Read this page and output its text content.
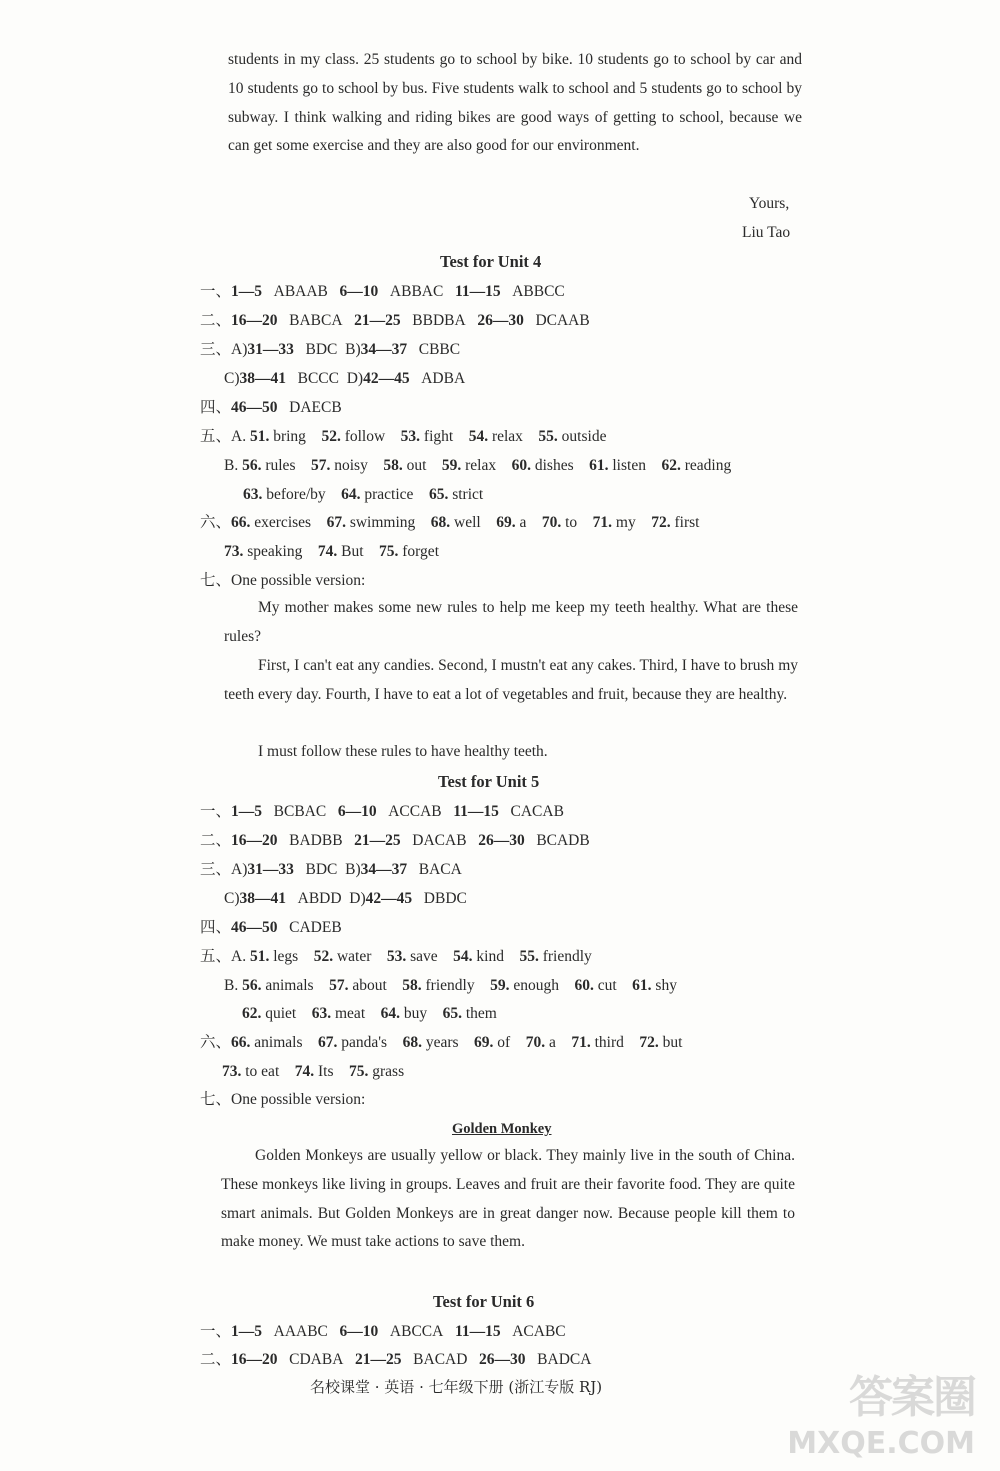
students in my class. 25 students go to school by bike. 10 students go to school by car and 10 students go to school by bus. Five students walk to school and 5 students go to school by subway. I think walking and riding bikes are good ways of getting to school, because we can get some exercise and they are also good for our environment.
Yours,
Liu Tao
Test for Unit 4
一、1—5 ABAAB 6—10 ABBAC 11—15 ABBCC
二、16—20 BABCA 21—25 BBDBA 26—30 DCAAB
三、A)31—33 BDC B)34—37 CBBC
C)38—41 BCCC D)42—45 ADBA
四、46—50 DAECB
五、A. 51. bring 52. follow 53. fight 54. relax 55. outside
B. 56. rules 57. noisy 58. out 59. relax 60. dishes 61. listen 62. reading
63. before/by 64. practice 65. strict
六、66. exercises 67. swimming 68. well 69. a 70. to 71. my 72. first
73. speaking 74. But 75. forget
七、One possible version:
My mother makes some new rules to help me keep my teeth healthy. What are these rules?
First, I can't eat any candies. Second, I mustn't eat any cakes. Third, I have to brush my teeth every day. Fourth, I have to eat a lot of vegetables and fruit, because they are healthy.
I must follow these rules to have healthy teeth.
Test for Unit 5
一、1—5 BCBAC 6—10 ACCAB 11—15 CACAB
二、16—20 BADBB 21—25 DACAB 26—30 BCADB
三、A)31—33 BDC B)34—37 BACA
C)38—41 ABDD D)42—45 DBDC
四、46—50 CADEB
五、A. 51. legs 52. water 53. save 54. kind 55. friendly
B. 56. animals 57. about 58. friendly 59. enough 60. cut 61. shy
62. quiet 63. meat 64. buy 65. them
六、66. animals 67. panda's 68. years 69. of 70. a 71. third 72. but
73. to eat 74. Its 75. grass
七、One possible version:
Golden Monkey
Golden Monkeys are usually yellow or black. They mainly live in the south of China. These monkeys like living in groups. Leaves and fruit are their favorite food. They are quite smart animals. But Golden Monkeys are in great danger now. Because people kill them to make money. We must take actions to save them.
Test for Unit 6
一、1—5 AAABC 6—10 ABCCA 11—15 ACABC
二、16—20 CDABA 21—25 BACAD 26—30 BADCA
名校课堂 · 英语 · 七年级下册 (浙江专版 RJ)	答案圈
MXQE.COM
